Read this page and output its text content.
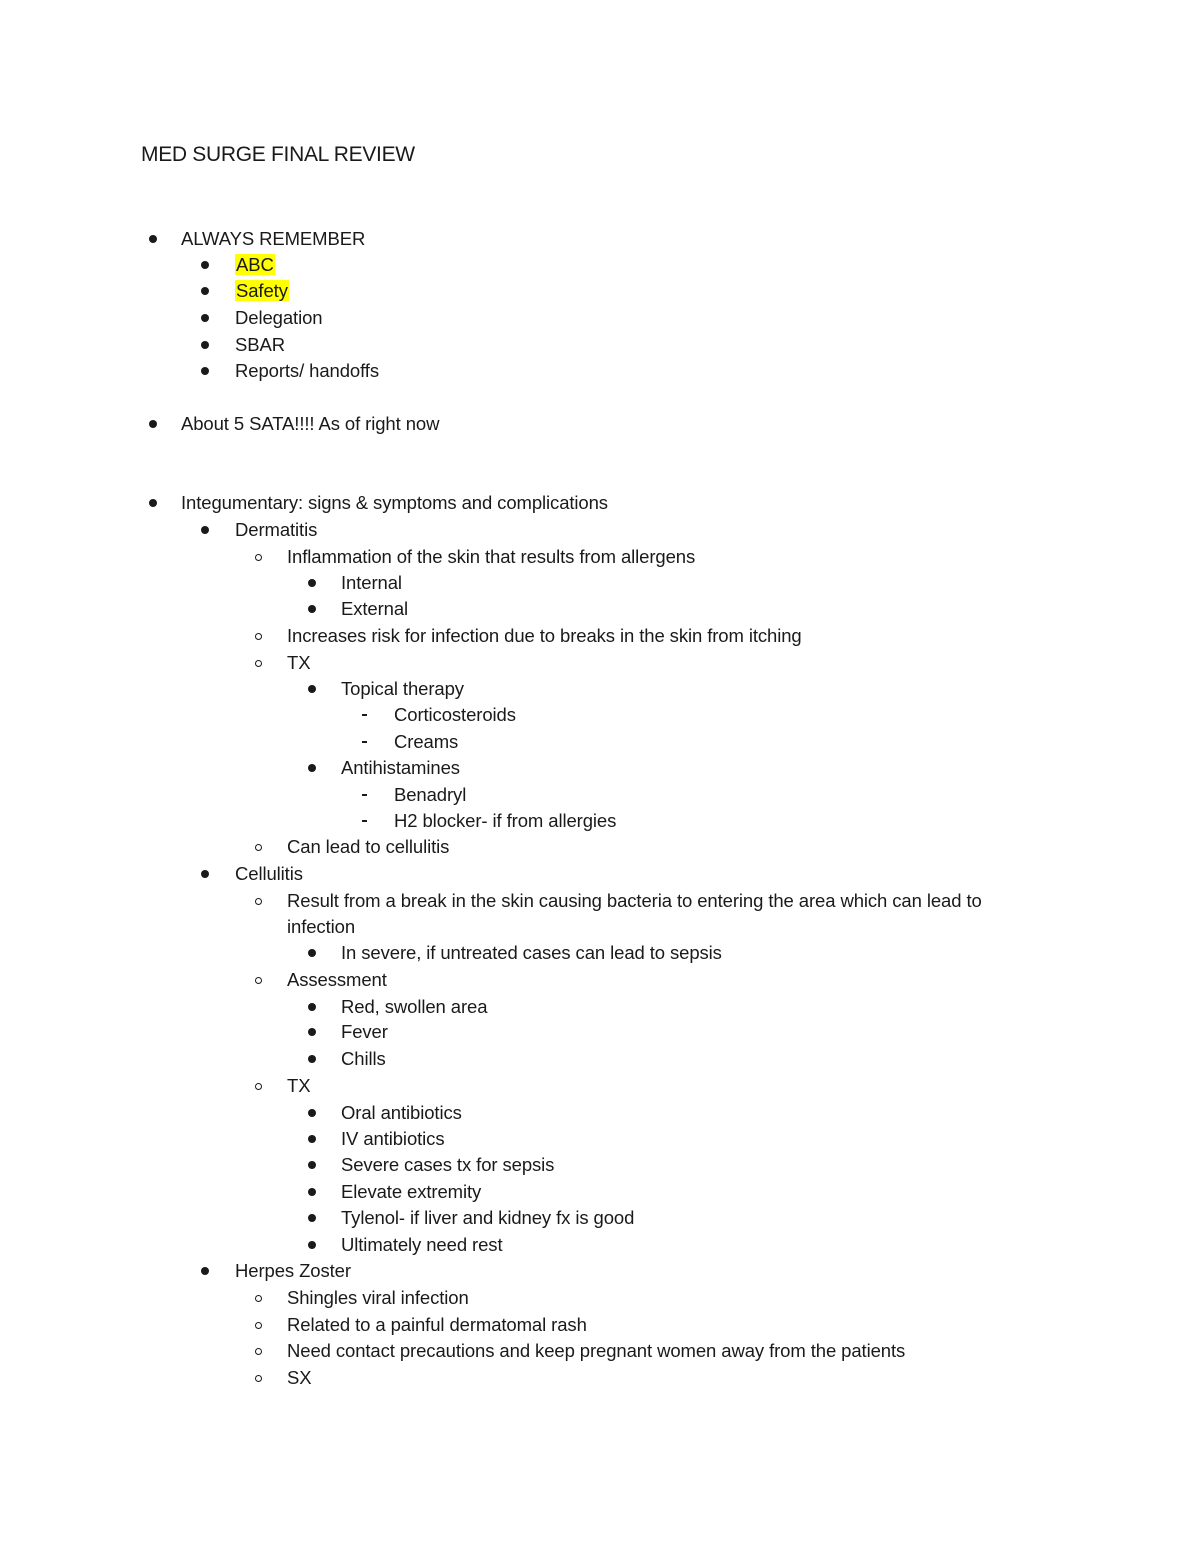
MED SURGE FINAL REVIEW
ALWAYS REMEMBER
ABC
Safety
Delegation
SBAR
Reports/ handoffs
About 5 SATA!!!! As of right now
Integumentary: signs & symptoms and complications
Dermatitis
Inflammation of the skin that results from allergens
Internal
External
Increases risk for infection due to breaks in the skin from itching
TX
Topical therapy
Corticosteroids
Creams
Antihistamines
Benadryl
H2 blocker- if from allergies
Can lead to cellulitis
Cellulitis
Result from a break in the skin causing bacteria to entering the area which can lead to
infection
In severe, if untreated cases can lead to sepsis
Assessment
Red, swollen area
Fever
Chills
TX
Oral antibiotics
IV antibiotics
Severe cases tx for sepsis
Elevate extremity
Tylenol- if liver and kidney fx is good
Ultimately need rest
Herpes Zoster
Shingles viral infection
Related to a painful dermatomal rash
Need contact precautions and keep pregnant women away from the patients
SX
